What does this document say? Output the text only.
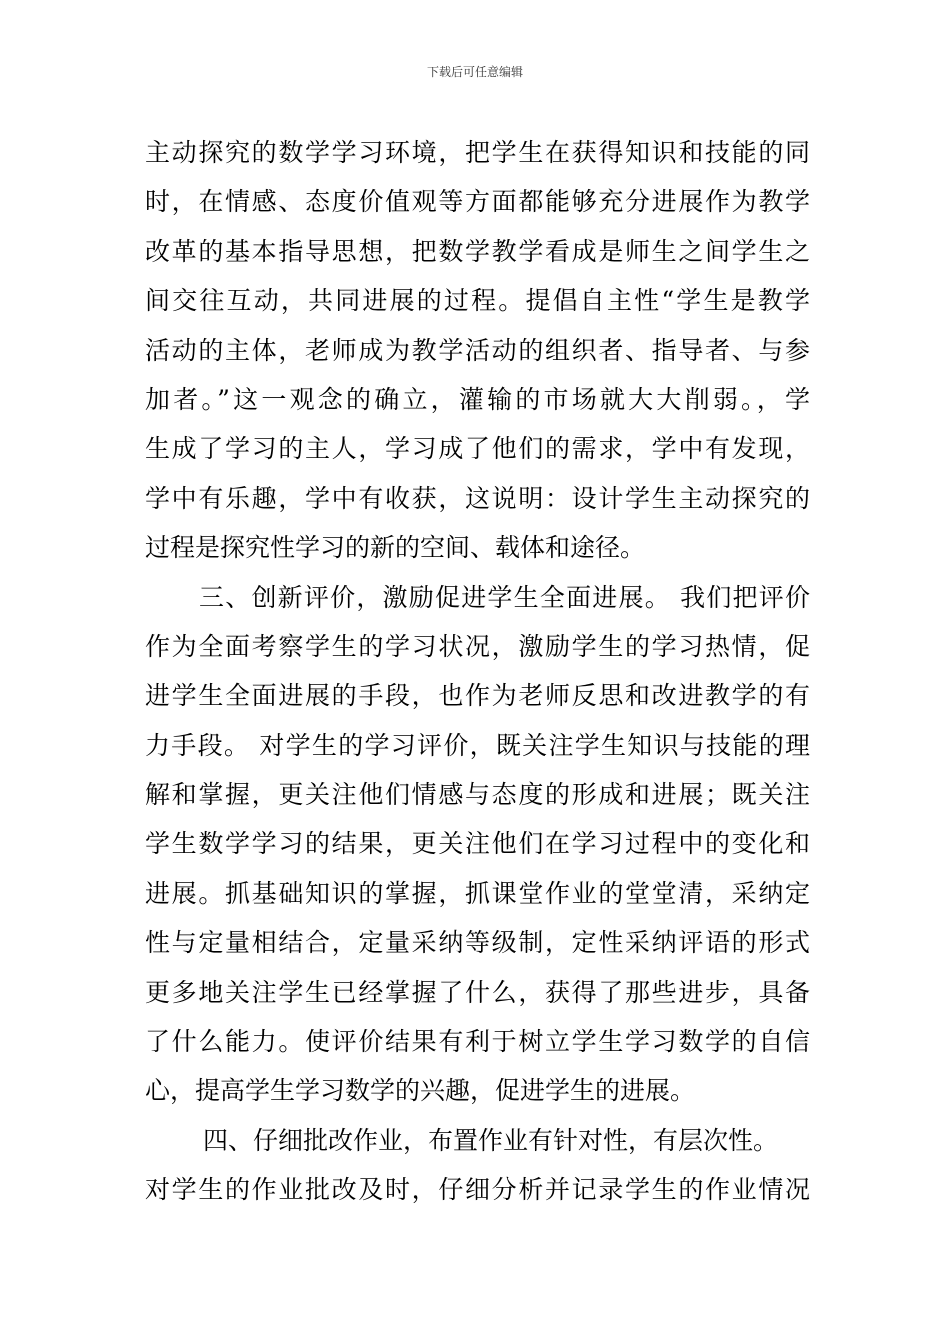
下载后可任意编辑
主动探究的数学学习环境，把学生在获得知识和技能的同
时，在情感、态度价值观等方面都能够充分进展作为教学
改革的基本指导思想，把数学教学看成是师生之间学生之
间交往互动，共同进展的过程。提倡自主性“学生是教学
活动的主体，老师成为教学活动的组织者、指导者、与参
加者。”这一观念的确立，灌输的市场就大大削弱。，学
生成了学习的主人，学习成了他们的需求，学中有发现，
学中有乐趣，学中有收获，这说明：设计学生主动探究的
过程是探究性学习的新的空间、载体和途径。
三、创新评价，激励促进学生全面进展。 我们把评价
作为全面考察学生的学习状况，激励学生的学习热情，促
进学生全面进展的手段，也作为老师反思和改进教学的有
力手段。 对学生的学习评价，既关注学生知识与技能的理
解和掌握，更关注他们情感与态度的形成和进展；既关注
学生数学学习的结果，更关注他们在学习过程中的变化和
进展。抓基础知识的掌握，抓课堂作业的堂堂清，采纳定
性与定量相结合，定量采纳等级制，定性采纳评语的形式
更多地关注学生已经掌握了什么，获得了那些进步，具备
了什么能力。使评价结果有利于树立学生学习数学的自信
心，提高学生学习数学的兴趣，促进学生的进展。
四、仔细批改作业，布置作业有针对性，有层次性。
对学生的作业批改及时，仔细分析并记录学生的作业情况
